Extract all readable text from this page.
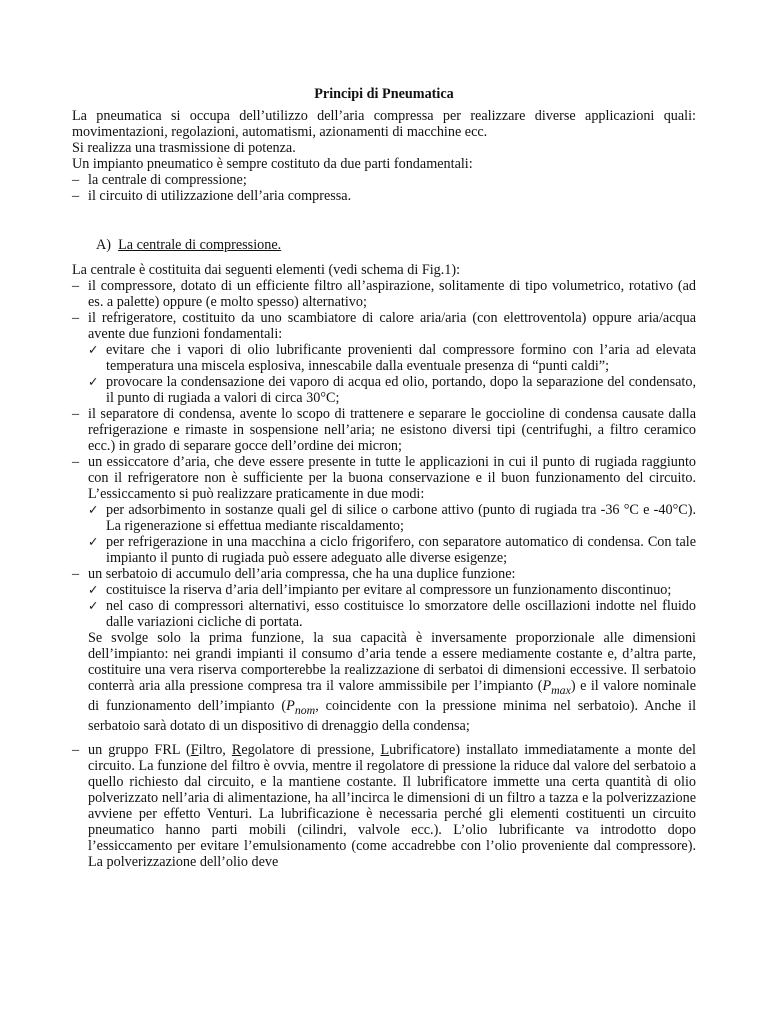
Principi di Pneumatica

La pneumatica si occupa dell’utilizzo dell’aria compressa per realizzare diverse applicazioni quali: movimentazioni, regolazioni, automatismi, azionamenti di macchine ecc.

Si realizza una trasmissione di potenza.

Un impianto pneumatico è sempre costituto da due parti fondamentali:

– la centrale di compressione;
– il circuito di utilizzazione dell’aria compressa.
A) La centrale di compressione.

La centrale è costituita dai seguenti elementi (vedi schema di Fig.1):

– il compressore, dotato di un efficiente filtro all’aspirazione, solitamente di tipo volumetrico, rotativo (ad es. a palette) oppure (e molto spesso) alternativo;
– il refrigeratore, costituito da uno scambiatore di calore aria/aria (con elettroventola) oppure aria/acqua avente due funzioni fondamentali:
✓ evitare che i vapori di olio lubrificante provenienti dal compressore formino con l’aria ad elevata temperatura una miscela esplosiva, innescabile dalla eventuale presenza di “punti caldi”;
✓ provocare la condensazione dei vaporo di acqua ed olio, portando, dopo la separazione del condensato, il punto di rugiada a valori di circa 30°C;
– il separatore di condensa, avente lo scopo di trattenere e separare le goccioline di condensa causate dalla refrigerazione e rimaste in sospensione nell’aria; ne esistono diversi tipi (centrifughi, a filtro ceramico ecc.) in grado di separare gocce dell’ordine dei micron;
– un essiccatore d’aria, che deve essere presente in tutte le applicazioni in cui il punto di rugiada raggiunto con il refrigeratore non è sufficiente per la buona conservazione e il buon funzionamento del circuito. L’essiccamento si può realizzare praticamente in due modi:
✓ per adsorbimento in sostanze quali gel di silice o carbone attivo (punto di rugiada tra -36 °C e -40°C). La rigenerazione si effettua mediante riscaldamento;
✓ per refrigerazione in una macchina a ciclo frigorifero, con separatore automatico di condensa. Con tale impianto il punto di rugiada può essere adeguato alle diverse esigenze;
– un serbatoio di accumulo dell’aria compressa, che ha una duplice funzione:
✓ costituisce la riserva d’aria dell’impianto per evitare al compressore un funzionamento discontinuo;
✓ nel caso di compressori alternativi, esso costituisce lo smorzatore delle oscillazioni indotte nel fluido dalle variazioni cicliche di portata.

Se svolge solo la prima funzione, la sua capacità è inversamente proporzionale alle dimensioni dell’impianto: nei grandi impianti il consumo d’aria tende a essere mediamente costante e, d’altra parte, costituire una vera riserva comporterebbe la realizzazione di serbatoi di dimensioni eccessive. Il serbatoio conterrà aria alla pressione compresa tra il valore ammissibile per l’impianto $(P_{max})$ e il valore nominale di funzionamento dell’impianto ($P_{nom}$, coincidente con la pressione minima nel serbatoio). Anche il serbatoio sarà dotato di un dispositivo di drenaggio della condensa;

– un gruppo FRL (Filtro, Regolatore di pressione, Lubrificatore) installato immediatamente a monte del circuito. La funzione del filtro è ovvia, mentre il regolatore di pressione la riduce dal valore del serbatoio a quello richiesto dal circuito, e la mantiene costante. Il lubrificatore immette una certa quantità di olio polverizzato nell’aria di alimentazione, ha all’incirca le dimensioni di un filtro a tazza e la polverizzazione avviene per effetto Venturi. La lubrificazione è necessaria perché gli elementi costituenti un circuito pneumatico hanno parti mobili (cilindri, valvole ecc.). L’olio lubrificante va introdotto dopo l’essiccamento per evitare l’emulsionamento (come accadrebbe con l’olio proveniente dal compressore). La polverizzazione dell’olio deve
